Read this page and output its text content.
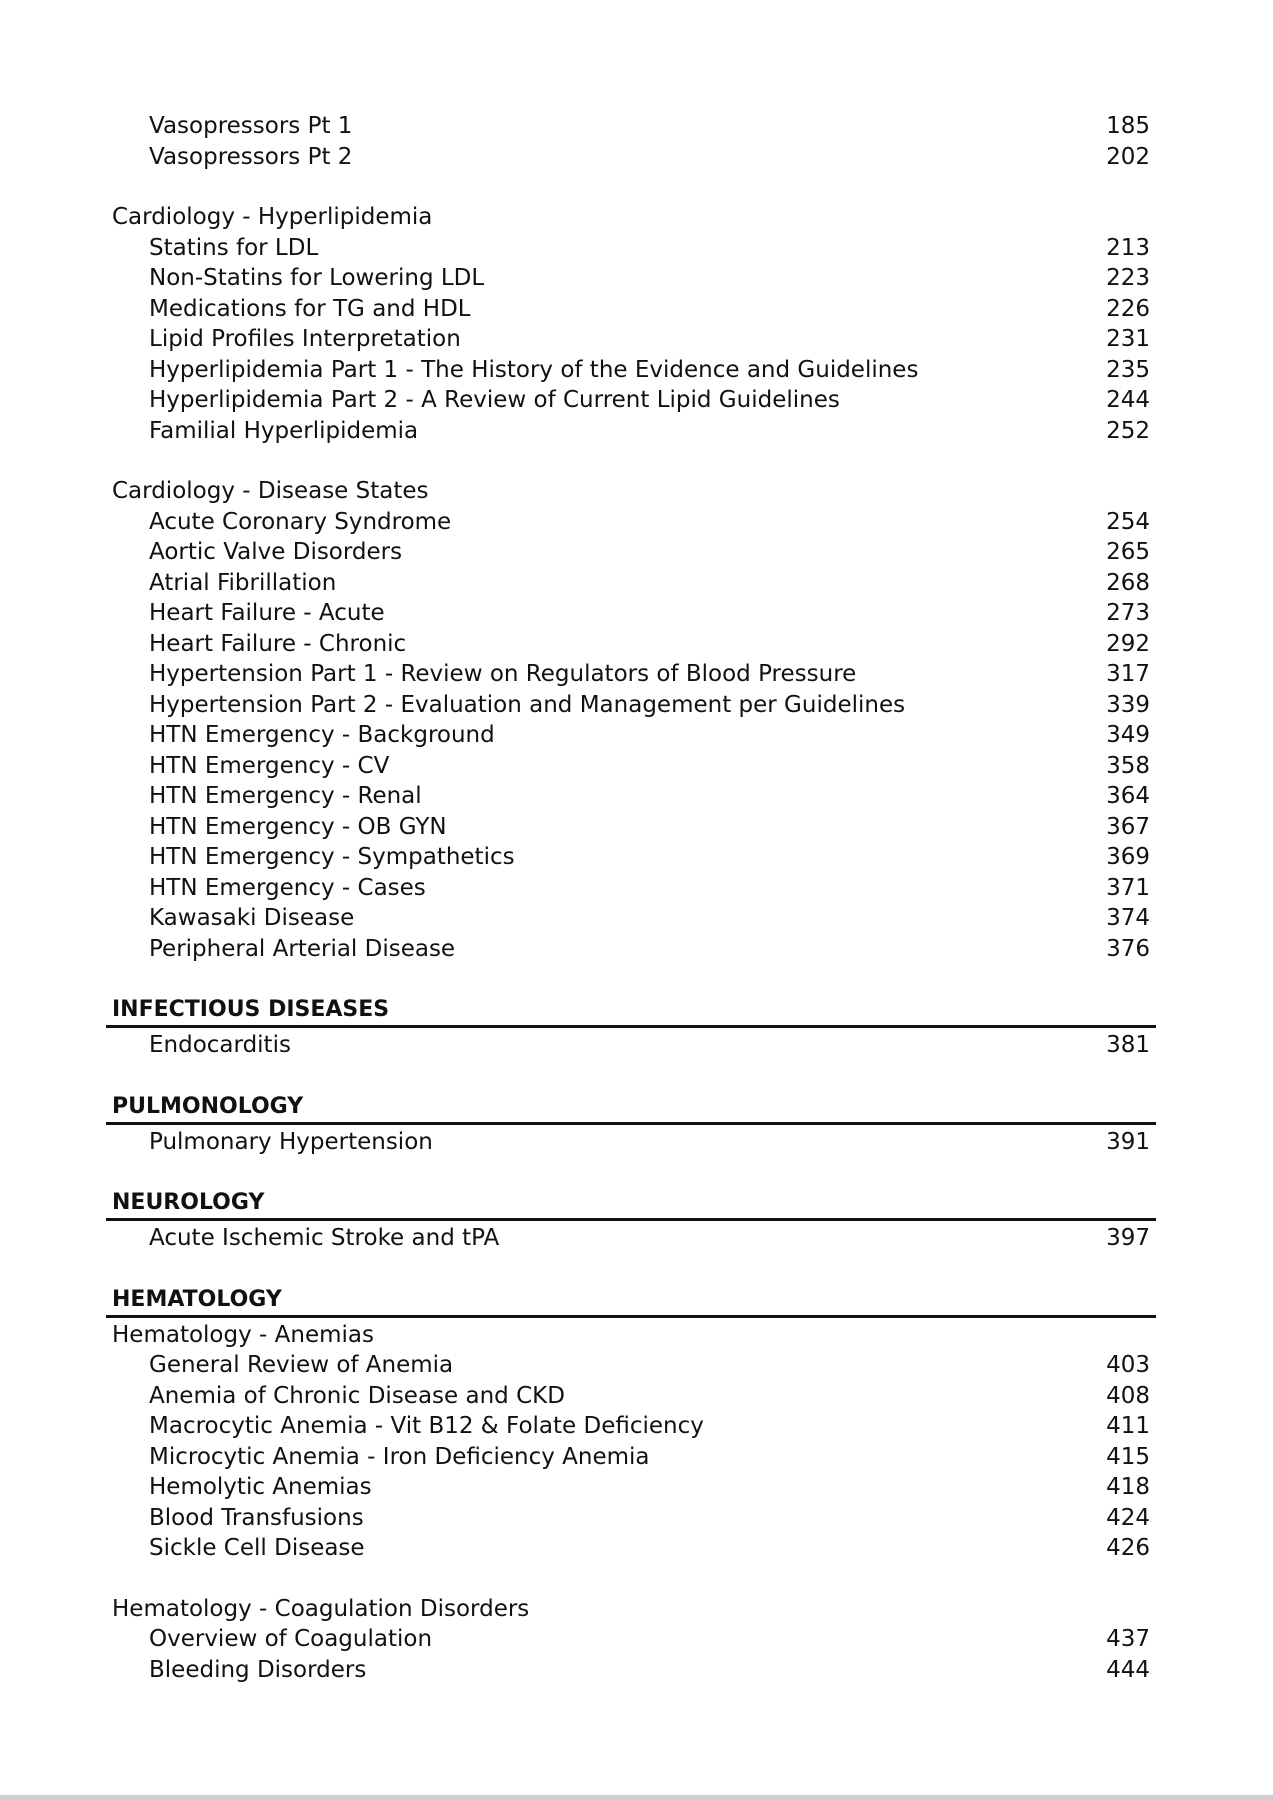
Vasopressors Pt 1	185
Vasopressors Pt 2	202
Cardiology - Hyperlipidemia
Statins for LDL	213
Non-Statins for Lowering LDL	223
Medications for TG and HDL	226
Lipid Profiles Interpretation	231
Hyperlipidemia Part 1 - The History of the Evidence and Guidelines	235
Hyperlipidemia Part 2 - A Review of Current Lipid Guidelines	244
Familial Hyperlipidemia	252
Cardiology - Disease States
Acute Coronary Syndrome	254
Aortic Valve Disorders	265
Atrial Fibrillation	268
Heart Failure - Acute	273
Heart Failure - Chronic	292
Hypertension Part 1 - Review on Regulators of Blood Pressure	317
Hypertension Part 2 - Evaluation and Management per Guidelines	339
HTN Emergency - Background	349
HTN Emergency - CV	358
HTN Emergency - Renal	364
HTN Emergency - OB GYN	367
HTN Emergency - Sympathetics	369
HTN Emergency - Cases	371
Kawasaki Disease	374
Peripheral Arterial Disease	376
INFECTIOUS DISEASES
Endocarditis	381
PULMONOLOGY
Pulmonary Hypertension	391
NEUROLOGY
Acute Ischemic Stroke and tPA	397
HEMATOLOGY
Hematology - Anemias
General Review of Anemia	403
Anemia of Chronic Disease and CKD	408
Macrocytic Anemia - Vit B12 & Folate Deficiency	411
Microcytic Anemia - Iron Deficiency Anemia	415
Hemolytic Anemias	418
Blood Transfusions	424
Sickle Cell Disease	426
Hematology - Coagulation Disorders
Overview of Coagulation	437
Bleeding Disorders	444
